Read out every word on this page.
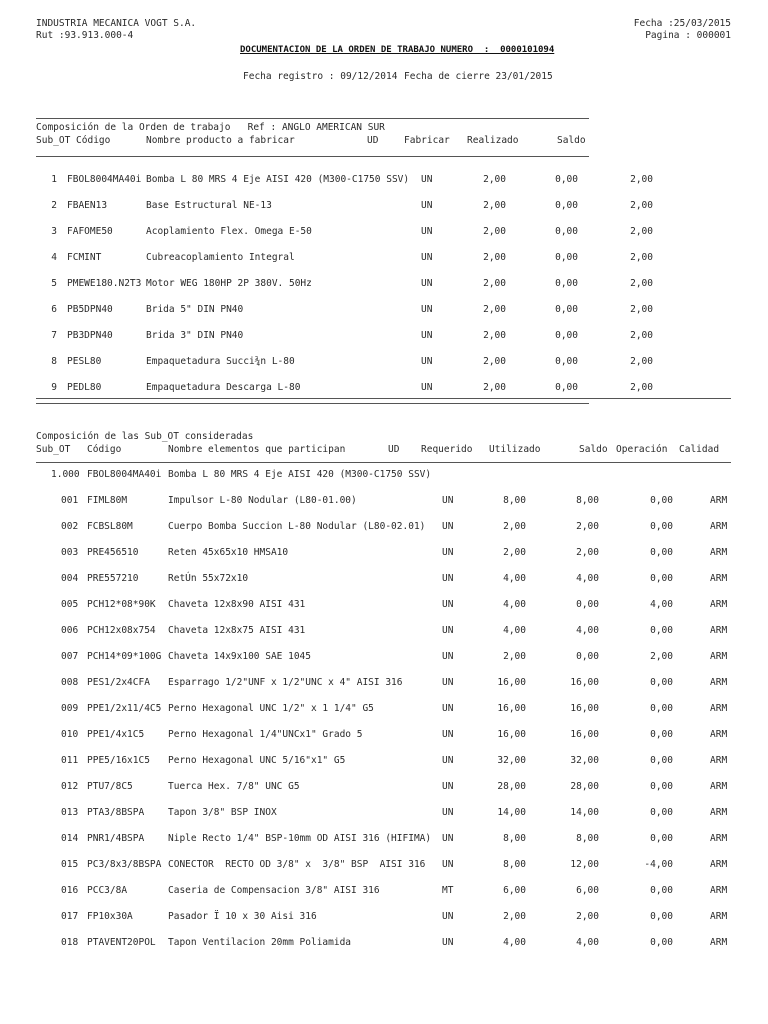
INDUSTRIA MECANICA VOGT S.A.
Rut :93.913.000-4
Fecha :25/03/2015
Pagina : 000001
DOCUMENTACION DE LA ORDEN DE TRABAJO NUMERO  :  0000101094
Fecha registro : 09/12/2014 Fecha de cierre 23/01/2015
Composición de la Orden de trabajo   Ref : ANGLO AMERICAN SUR
Sub_OT Código	Nombre producto a fabricar	UD	Fabricar Realizado	Saldo
1 FBOL8004MA40i Bomba L 80 MRS 4 Eje AISI 420 (M300-C1750 SSV) UN	2,00	0,00	2,00
2 FBAEN13	Base Estructural NE-13	UN	2,00	0,00	2,00
3 FAFOME50	Acoplamiento Flex. Omega E-50	UN	2,00	0,00	2,00
4 FCMINT	Cubreacoplamiento Integral	UN	2,00	0,00	2,00
5 PMEWE180.N2T3 Motor WEG 180HP 2P 380V. 50Hz	UN	2,00	0,00	2,00
6 PB5DPN40	Brida 5" DIN PN40	UN	2,00	0,00	2,00
7 PB3DPN40	Brida 3" DIN PN40	UN	2,00	0,00	2,00
8 PESL80	Empaquetadura Succi¾n L-80	UN	2,00	0,00	2,00
9 PEDL80	Empaquetadura Descarga L-80	UN	2,00	0,00	2,00
Composición de las Sub_OT consideradas
Sub_OT Código	Nombre elementos que participan	UD Requerido Utilizado	Saldo Operación Calidad
1.000 FBOL8004MA40i Bomba L 80 MRS 4 Eje AISI 420 (M300-C1750 SSV)
001 FIML80M	Impulsor L-80 Nodular (L80-01.00)	UN	8,00	8,00	0,00	ARM
002 FCBSL80M	Cuerpo Bomba Succion L-80 Nodular (L80-02.01) UN	2,00	2,00	0,00	ARM
003 PRE456510	Reten 45x65x10 HMSA10	UN	2,00	2,00	0,00	ARM
004 PRE557210	RetÚn 55x72x10	UN	4,00	4,00	0,00	ARM
005 PCH12*08*90K Chaveta 12x8x90 AISI 431	UN	4,00	0,00	4,00	ARM
006 PCH12x08x754 Chaveta 12x8x75 AISI 431	UN	4,00	4,00	0,00	ARM
007 PCH14*09*100G Chaveta 14x9x100 SAE 1045	UN	2,00	0,00	2,00	ARM
008 PES1/2x4CFA Esparrago 1/2"UNF x 1/2"UNC x 4" AISI 316	UN	16,00	16,00	0,00	ARM
009 PPE1/2x11/4C5 Perno Hexagonal UNC 1/2" x 1 1/4" G5	UN	16,00	16,00	0,00	ARM
010 PPE1/4x1C5	Perno Hexagonal 1/4"UNCx1" Grado 5	UN	16,00	16,00	0,00	ARM
011 PPE5/16x1C5 Perno Hexagonal UNC 5/16"x1" G5	UN	32,00	32,00	0,00	ARM
012 PTU7/8C5	Tuerca Hex. 7/8" UNC G5	UN	28,00	28,00	0,00	ARM
013 PTA3/8BSPA	Tapon 3/8" BSP INOX	UN	14,00	14,00	0,00	ARM
014 PNR1/4BSPA	Niple Recto 1/4" BSP-10mm OD AISI 316 (HIFIMA) UN	8,00	8,00	0,00	ARM
015 PC3/8x3/8BSPA CONECTOR  RECTO OD 3/8" x  3/8" BSP  AISI 316 UN	8,00	12,00	-4,00	ARM
016 PCC3/8A	Caseria de Compensacion 3/8" AISI 316	MT	6,00	6,00	0,00	ARM
017 FP10x30A	Pasador Ï 10 x 30 Aisi 316	UN	2,00	2,00	0,00	ARM
018 PTAVENT20POL Tapon Ventilacion 20mm Poliamida	UN	4,00	4,00	0,00	ARM
